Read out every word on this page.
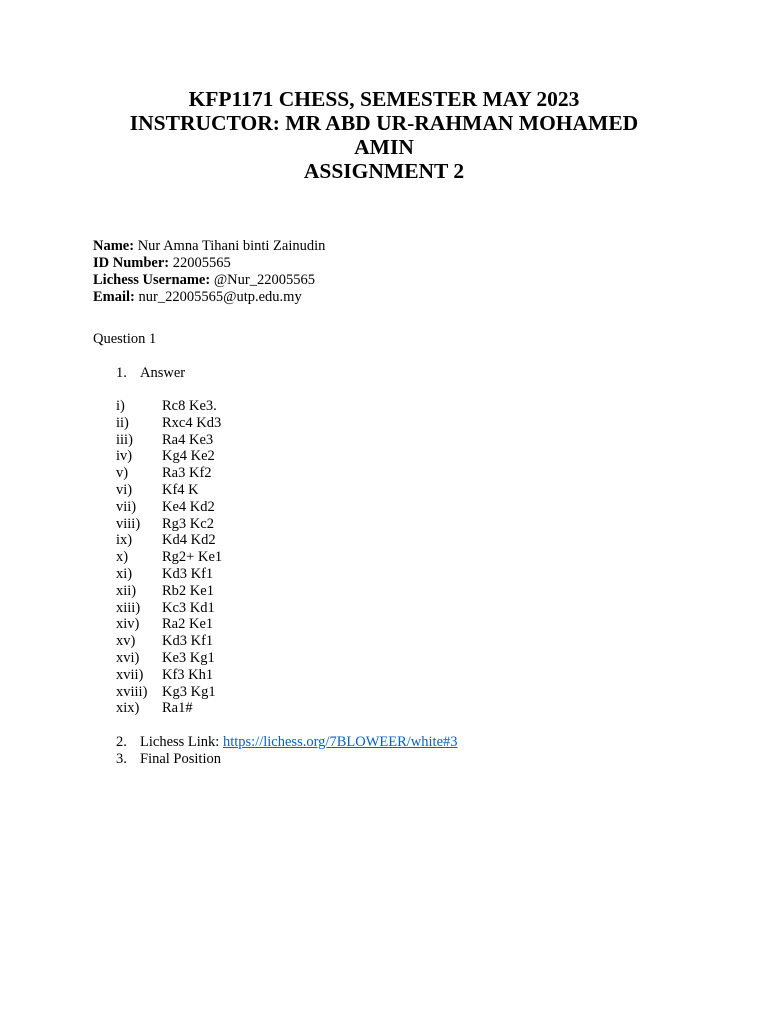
KFP1171 CHESS, SEMESTER MAY 2023
INSTRUCTOR: MR ABD UR-RAHMAN MOHAMED
AMIN
ASSIGNMENT 2
Name: Nur Amna Tihani binti Zainudin
ID Number: 22005565
Lichess Username: @Nur_22005565
Email: nur_22005565@utp.edu.my
Question 1
1. Answer
i)	Rc8 Ke3.
ii) Rxc4 Kd3
iii) Ra4 Ke3
iv) Kg4 Ke2
v) Ra3 Kf2
vi) Kf4 K
vii) Ke4 Kd2
viii) Rg3 Kc2
ix) Kd4 Kd2
x) Rg2+ Ke1
xi) Kd3 Kf1
xii) Rb2 Ke1
xiii) Kc3 Kd1
xiv) Ra2 Ke1
xv) Kd3 Kf1
xvi) Ke3 Kg1
xvii) Kf3 Kh1
xviii) Kg3 Kg1
xix) Ra1#
2. Lichess Link: https://lichess.org/7BLOWEER/white#3
3. Final Position
